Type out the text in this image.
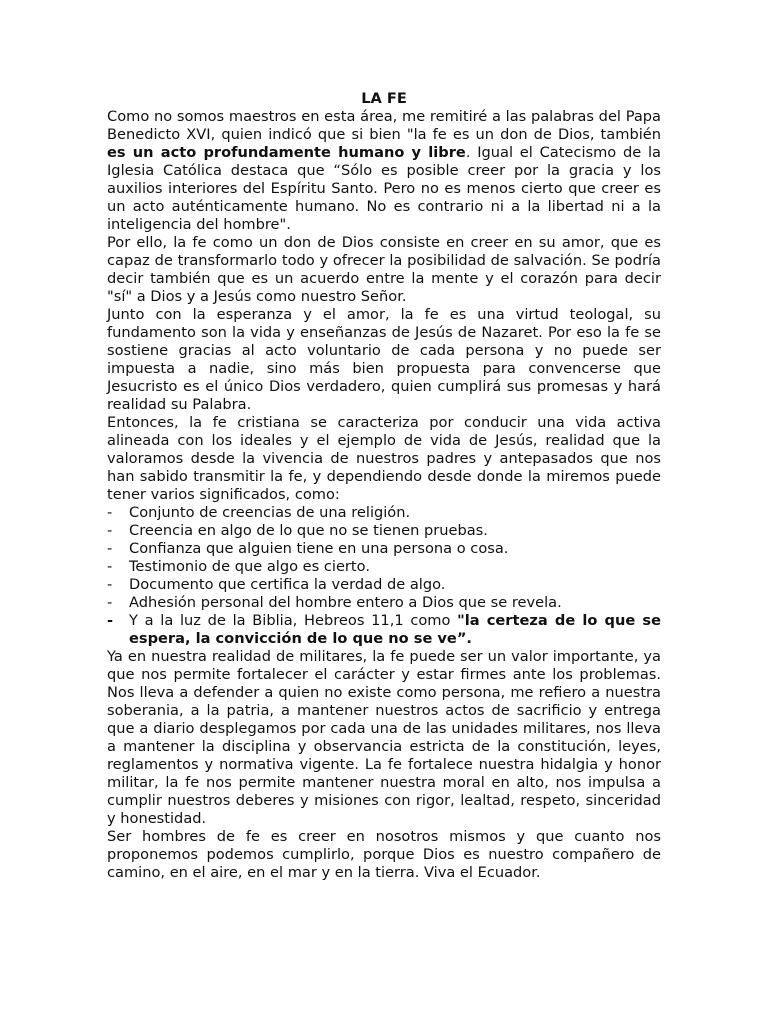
LA FE

Como no somos maestros en esta área, me remitiré a las palabras del Papa Benedicto XVI, quien indicó que si bien "la fe es un don de Dios, también es un acto profundamente humano y libre. Igual el Catecismo de la Iglesia Católica destaca que “Sólo es posible creer por la gracia y los auxilios interiores del Espíritu Santo. Pero no es menos cierto que creer es un acto auténticamente humano. No es contrario ni a la libertad ni a la inteligencia del hombre".

Por ello, la fe como un don de Dios consiste en creer en su amor, que es capaz de transformarlo todo y ofrecer la posibilidad de salvación. Se podría decir también que es un acuerdo entre la mente y el corazón para decir "sí" a Dios y a Jesús como nuestro Señor.

Junto con la esperanza y el amor, la fe es una virtud teologal, su fundamento son la vida y enseñanzas de Jesús de Nazaret. Por eso la fe se sostiene gracias al acto voluntario de cada persona y no puede ser impuesta a nadie, sino más bien propuesta para convencerse que Jesucristo es el único Dios verdadero, quien cumplirá sus promesas y hará realidad su Palabra.

Entonces, la fe cristiana se caracteriza por conducir una vida activa alineada con los ideales y el ejemplo de vida de Jesús, realidad que la valoramos desde la vivencia de nuestros padres y antepasados que nos han sabido transmitir la fe, y dependiendo desde donde la miremos puede tener varios significados, como:

- Conjunto de creencias de una religión.
- Creencia en algo de lo que no se tienen pruebas.
- Confianza que alguien tiene en una persona o cosa.
- Testimonio de que algo es cierto.
- Documento que certifica la verdad de algo.
- Adhesión personal del hombre entero a Dios que se revela.
- Y a la luz de la Biblia, Hebreos 11,1 como "la certeza de lo que se espera, la convicción de lo que no se ve”.

Ya en nuestra realidad de militares, la fe puede ser un valor importante, ya que nos permite fortalecer el carácter y estar firmes ante los problemas. Nos lleva a defender a quien no existe como persona, me refiero a nuestra soberania, a la patria, a mantener nuestros actos de sacrificio y entrega que a diario desplegamos por cada una de las unidades militares, nos lleva a mantener la disciplina y observancia estricta de la constitución, leyes, reglamentos y normativa vigente. La fe fortalece nuestra hidalgia y honor militar, la fe nos permite mantener nuestra moral en alto, nos impulsa a cumplir nuestros deberes y misiones con rigor, lealtad, respeto, sinceridad y honestidad.

Ser hombres de fe es creer en nosotros mismos y que cuanto nos proponemos podemos cumplirlo, porque Dios es nuestro compañero de camino, en el aire, en el mar y en la tierra. Viva el Ecuador.
